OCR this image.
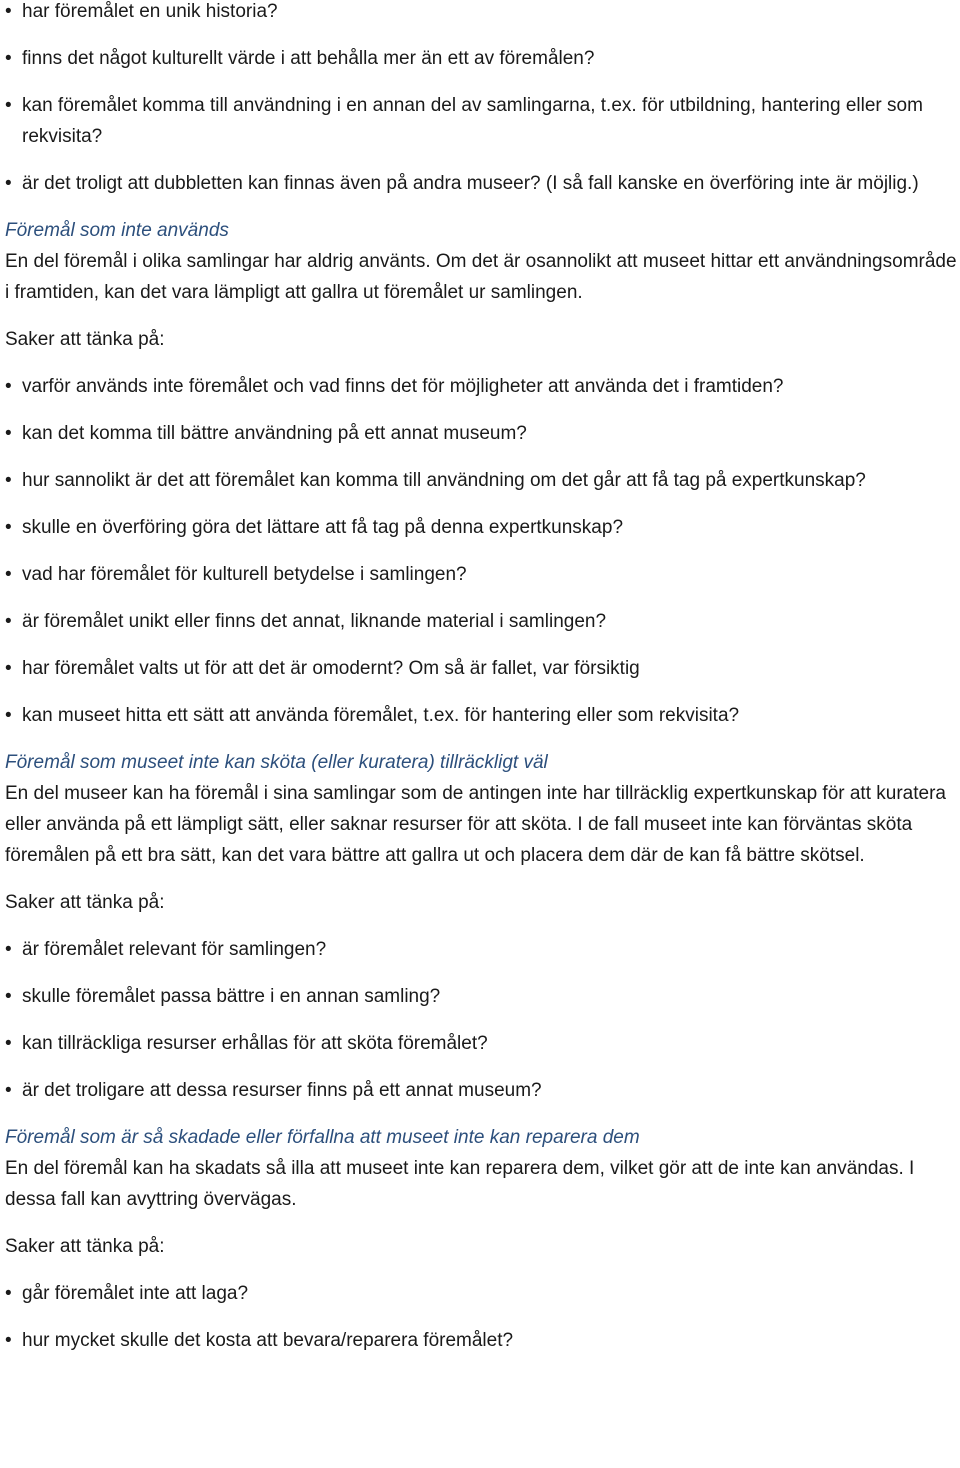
• har föremålet en unik historia?

• finns det något kulturellt värde i att behålla mer än ett av föremålen?

• kan föremålet komma till användning i en annan del av samlingarna, t.ex. för utbildning, hantering eller som rekvisita?

• är det troligt att dubbletten kan finnas även på andra museer? (I så fall kanske en överföring inte är möjlig.)

Föremål som inte används

En del föremål i olika samlingar har aldrig använts. Om det är osannolikt att museet hittar ett användningsområde i framtiden, kan det vara lämpligt att gallra ut föremålet ur samlingen.

Saker att tänka på:

• varför används inte föremålet och vad finns det för möjligheter att använda det i framtiden?

• kan det komma till bättre användning på ett annat museum?

• hur sannolikt är det att föremålet kan komma till användning om det går att få tag på expertkunskap?

• skulle en överföring göra det lättare att få tag på denna expertkunskap?

• vad har föremålet för kulturell betydelse i samlingen?

• är föremålet unikt eller finns det annat, liknande material i samlingen?

• har föremålet valts ut för att det är omodernt? Om så är fallet, var försiktig

• kan museet hitta ett sätt att använda föremålet, t.ex. för hantering eller som rekvisita?

Föremål som museet inte kan sköta (eller kuratera) tillräckligt väl

En del museer kan ha föremål i sina samlingar som de antingen inte har tillräcklig expertkunskap för att kuratera eller använda på ett lämpligt sätt, eller saknar resurser för att sköta. I de fall museet inte kan förväntas sköta föremålen på ett bra sätt, kan det vara bättre att gallra ut och placera dem där de kan få bättre skötsel.

Saker att tänka på:

• är föremålet relevant för samlingen?

• skulle föremålet passa bättre i en annan samling?

• kan tillräckliga resurser erhållas för att sköta föremålet?

• är det troligare att dessa resurser finns på ett annat museum?

Föremål som är så skadade eller förfallna att museet inte kan reparera dem

En del föremål kan ha skadats så illa att museet inte kan reparera dem, vilket gör att de inte kan användas. I dessa fall kan avyttring övervägas.

Saker att tänka på:

• går föremålet inte att laga?

• hur mycket skulle det kosta att bevara/reparera föremålet?
